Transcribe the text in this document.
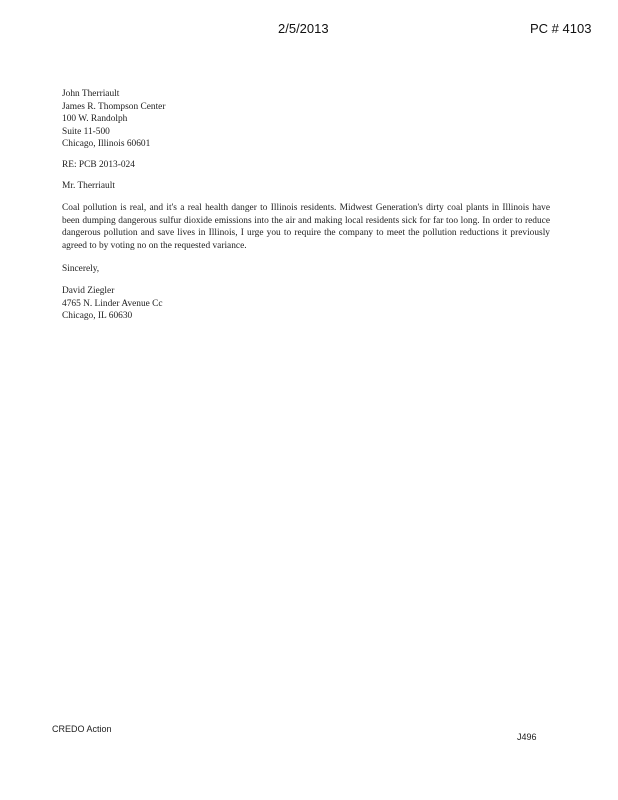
2/5/2013	PC # 4103
John Therriault
James R. Thompson Center
100 W. Randolph
Suite 11-500
Chicago, Illinois 60601
RE: PCB 2013-024
Mr. Therriault
Coal pollution is real, and it's a real health danger to Illinois residents. Midwest Generation's dirty coal plants in Illinois have been dumping dangerous sulfur dioxide emissions into the air and making local residents sick for far too long. In order to reduce dangerous pollution and save lives in Illinois, I urge you to require the company to meet the pollution reductions it previously agreed to by voting no on the requested variance.
Sincerely,
David Ziegler
4765 N. Linder Avenue Cc
Chicago, IL 60630
CREDO Action
J496
